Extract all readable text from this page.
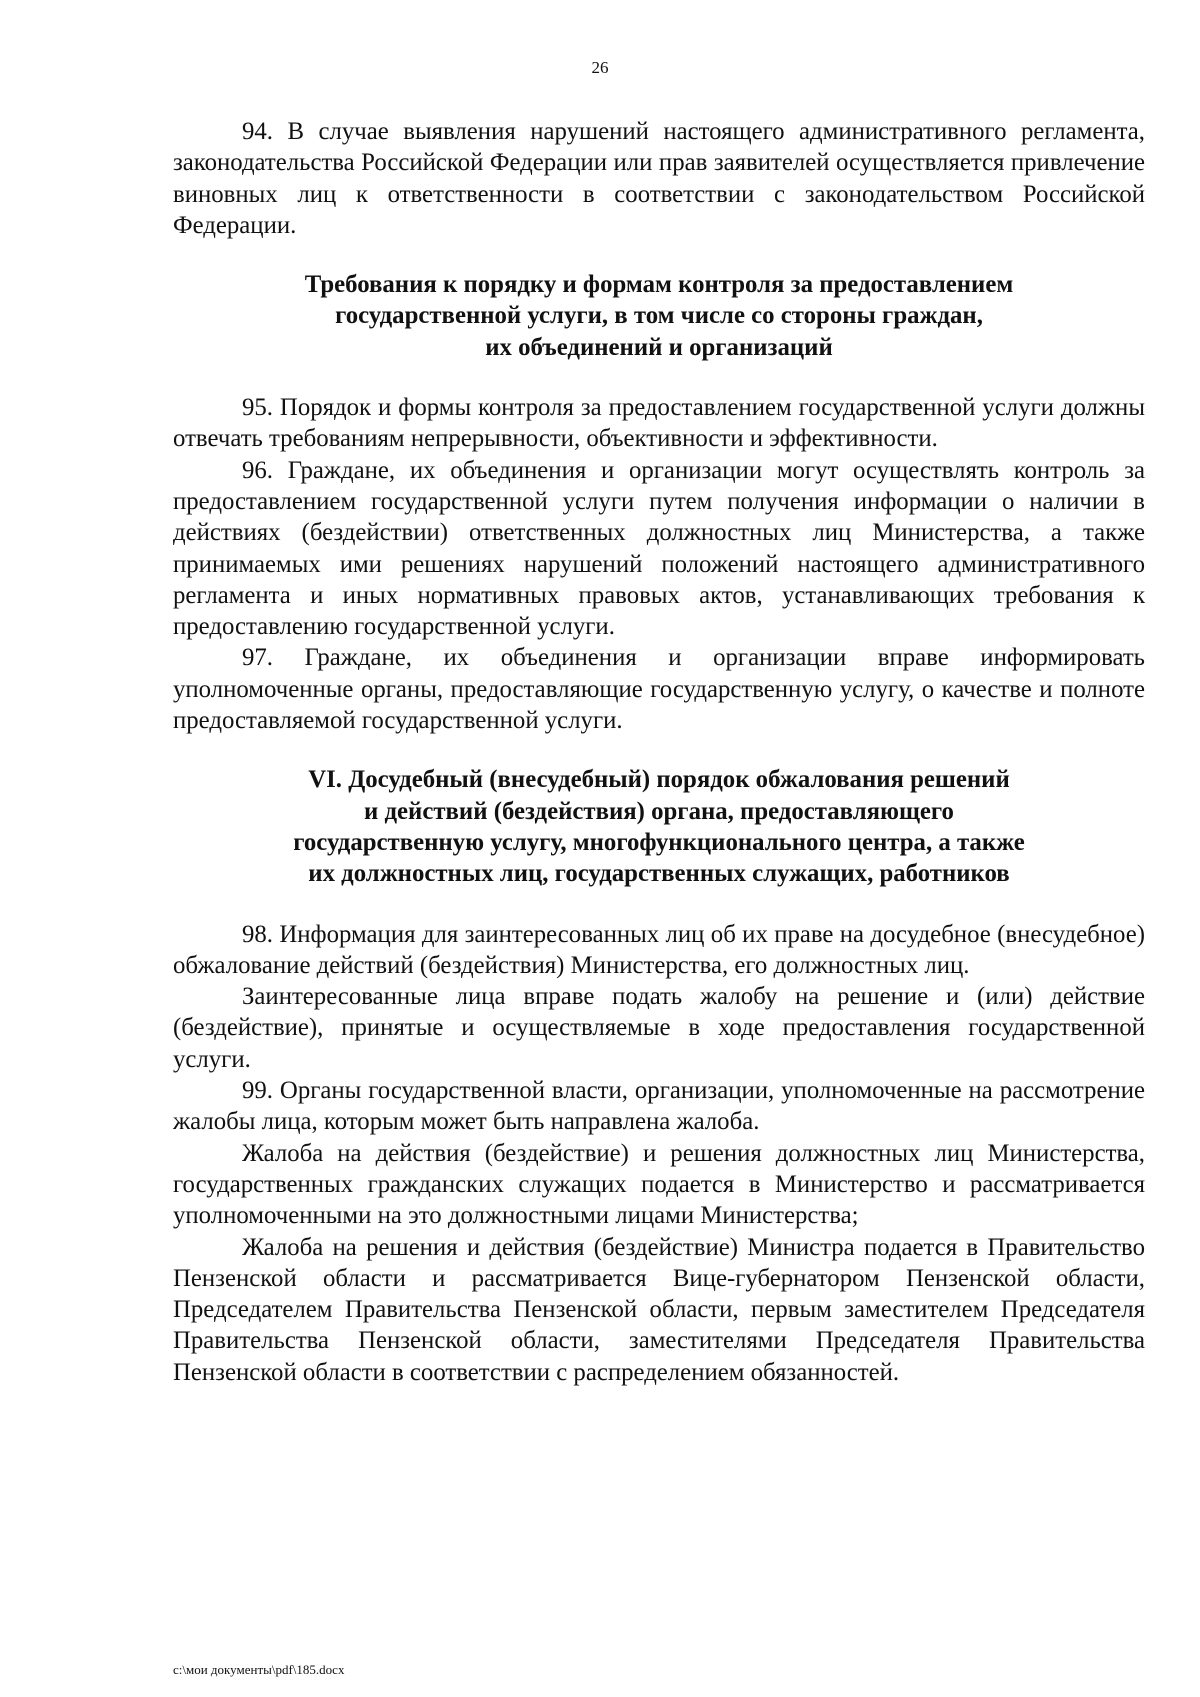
26

94. В случае выявления нарушений настоящего административного регламента, законодательства Российской Федерации или прав заявителей осуществляется привлечение виновных лиц к ответственности в соответствии с законодательством Российской Федерации.

Требования к порядку и формам контроля за предоставлением
государственной услуги, в том числе со стороны граждан,
их объединений и организаций

95. Порядок и формы контроля за предоставлением государственной услуги должны отвечать требованиям непрерывности, объективности и эффективности.

96. Граждане, их объединения и организации могут осуществлять контроль за предоставлением государственной услуги путем получения информации о наличии в действиях (бездействии) ответственных должностных лиц Министерства, а также принимаемых ими решениях нарушений положений настоящего административного регламента и иных нормативных правовых актов, устанавливающих требования к предоставлению государственной услуги.

97. Граждане, их объединения и организации вправе информировать уполномоченные органы, предоставляющие государственную услугу, о качестве и полноте предоставляемой государственной услуги.

VI. Досудебный (внесудебный) порядок обжалования решений
и действий (бездействия) органа, предоставляющего
государственную услугу, многофункционального центра, а также
их должностных лиц, государственных служащих, работников

98. Информация для заинтересованных лиц об их праве на досудебное (внесудебное) обжалование действий (бездействия) Министерства, его должностных лиц.

Заинтересованные лица вправе подать жалобу на решение и (или) действие (бездействие), принятые и осуществляемые в ходе предоставления государственной услуги.

99. Органы государственной власти, организации, уполномоченные на рассмотрение жалобы лица, которым может быть направлена жалоба.

Жалоба на действия (бездействие) и решения должностных лиц Министерства, государственных гражданских служащих подается в Министерство и рассматривается уполномоченными на это должностными лицами Министерства;

Жалоба на решения и действия (бездействие) Министра подается в Правительство Пензенской области и рассматривается Вице-губернатором Пензенской области, Председателем Правительства Пензенской области, первым заместителем Председателя Правительства Пензенской области, заместителями Председателя Правительства Пензенской области в соответствии с распределением обязанностей.

c:\мои документы\pdf\185.docx
